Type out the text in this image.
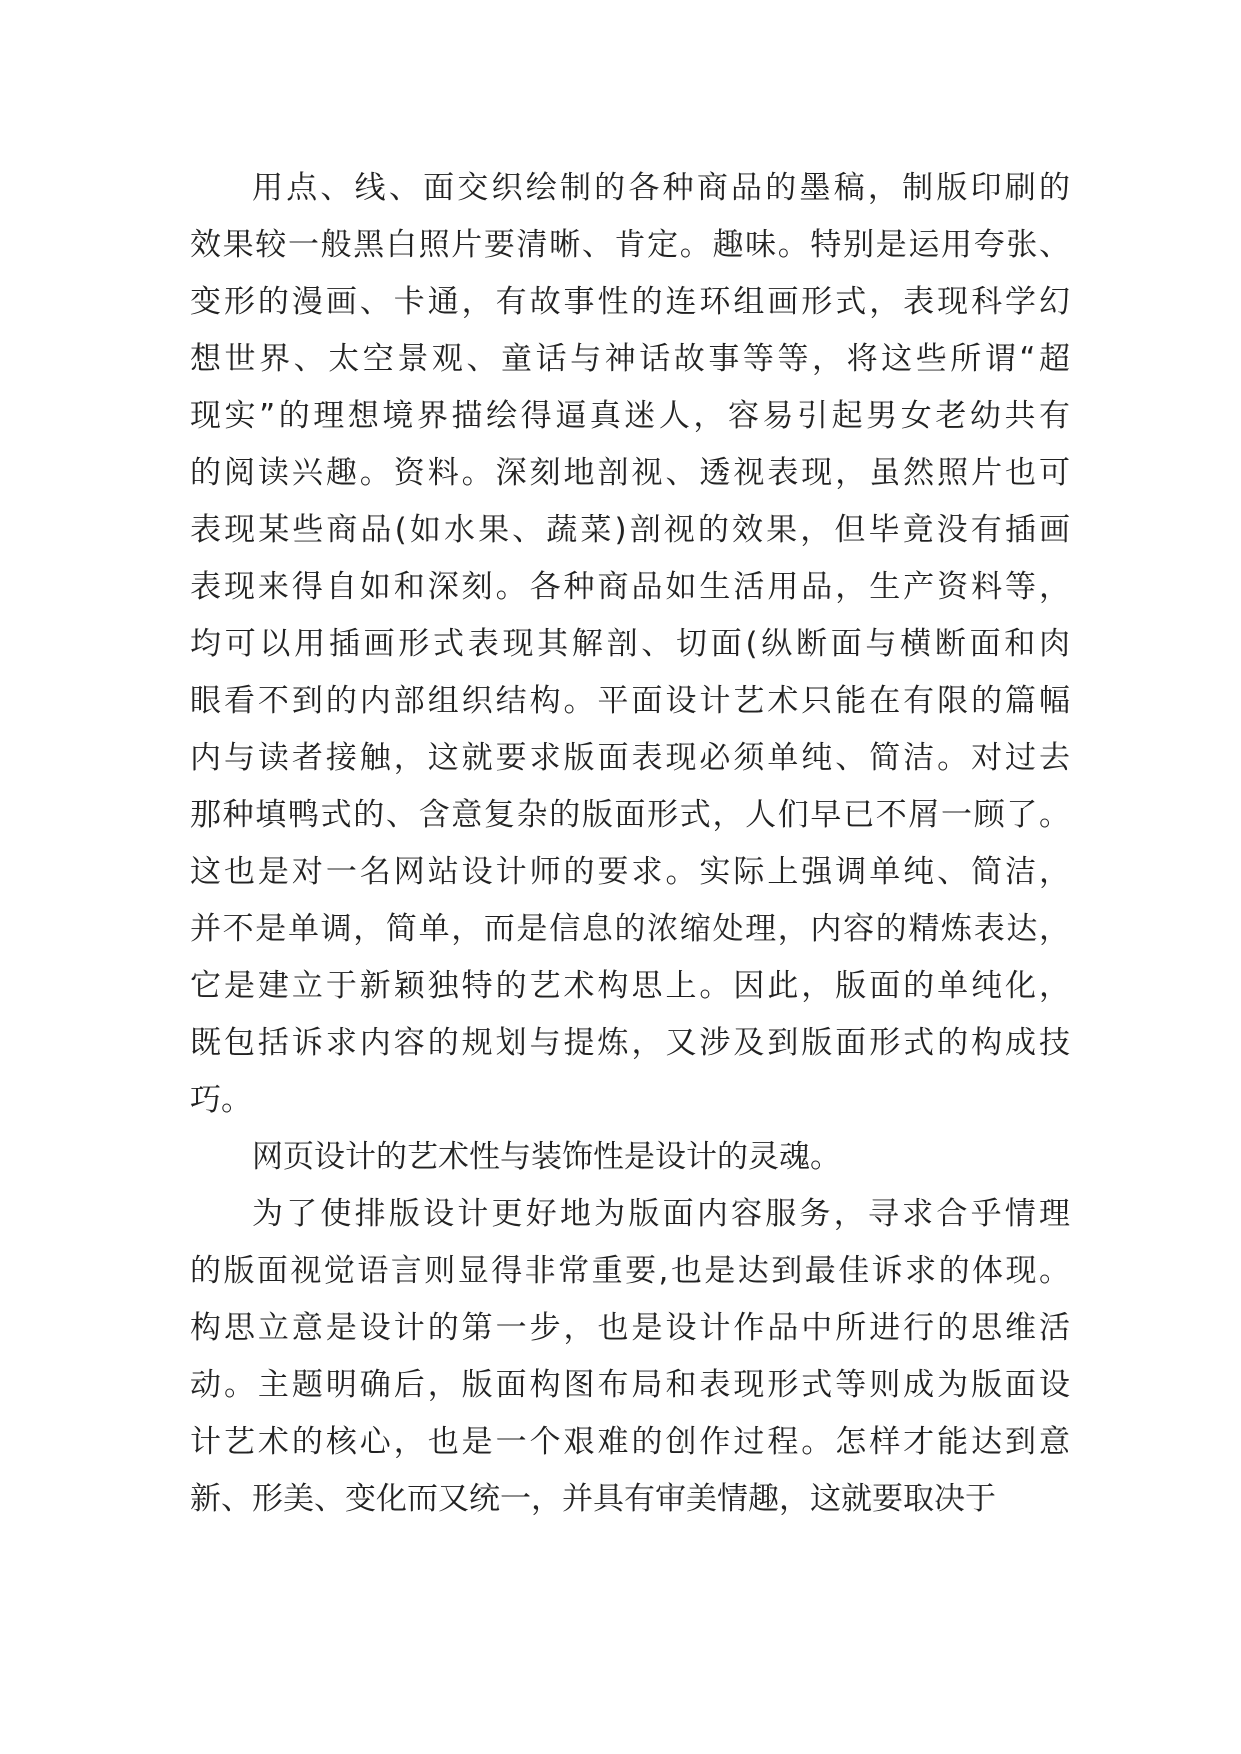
用点、线、面交织绘制的各种商品的墨稿，制版印刷的
效果较一般黑白照片要清晰、肯定。趣味。特别是运用夸张、
变形的漫画、卡通，有故事性的连环组画形式，表现科学幻
想世界、太空景观、童话与神话故事等等，将这些所谓“超
现实”的理想境界描绘得逼真迷人，容易引起男女老幼共有
的阅读兴趣。资料。深刻地剖视、透视表现，虽然照片也可
表现某些商品(如水果、蔬菜)剖视的效果，但毕竟没有插画
表现来得自如和深刻。各种商品如生活用品，生产资料等，
均可以用插画形式表现其解剖、切面(纵断面与横断面和肉
眼看不到的内部组织结构。平面设计艺术只能在有限的篇幅
内与读者接触，这就要求版面表现必须单纯、简洁。对过去
那种填鸭式的、含意复杂的版面形式，人们早已不屑一顾了。
这也是对一名网站设计师的要求。实际上强调单纯、简洁，
并不是单调，简单，而是信息的浓缩处理，内容的精炼表达，
它是建立于新颖独特的艺术构思上。因此，版面的单纯化，
既包括诉求内容的规划与提炼，又涉及到版面形式的构成技
巧。
网页设计的艺术性与装饰性是设计的灵魂。
为了使排版设计更好地为版面内容服务，寻求合乎情理
的版面视觉语言则显得非常重要,也是达到最佳诉求的体现。
构思立意是设计的第一步，也是设计作品中所进行的思维活
动。主题明确后，版面构图布局和表现形式等则成为版面设
计艺术的核心，也是一个艰难的创作过程。怎样才能达到意
新、形美、变化而又统一，并具有审美情趣，这就要取决于
